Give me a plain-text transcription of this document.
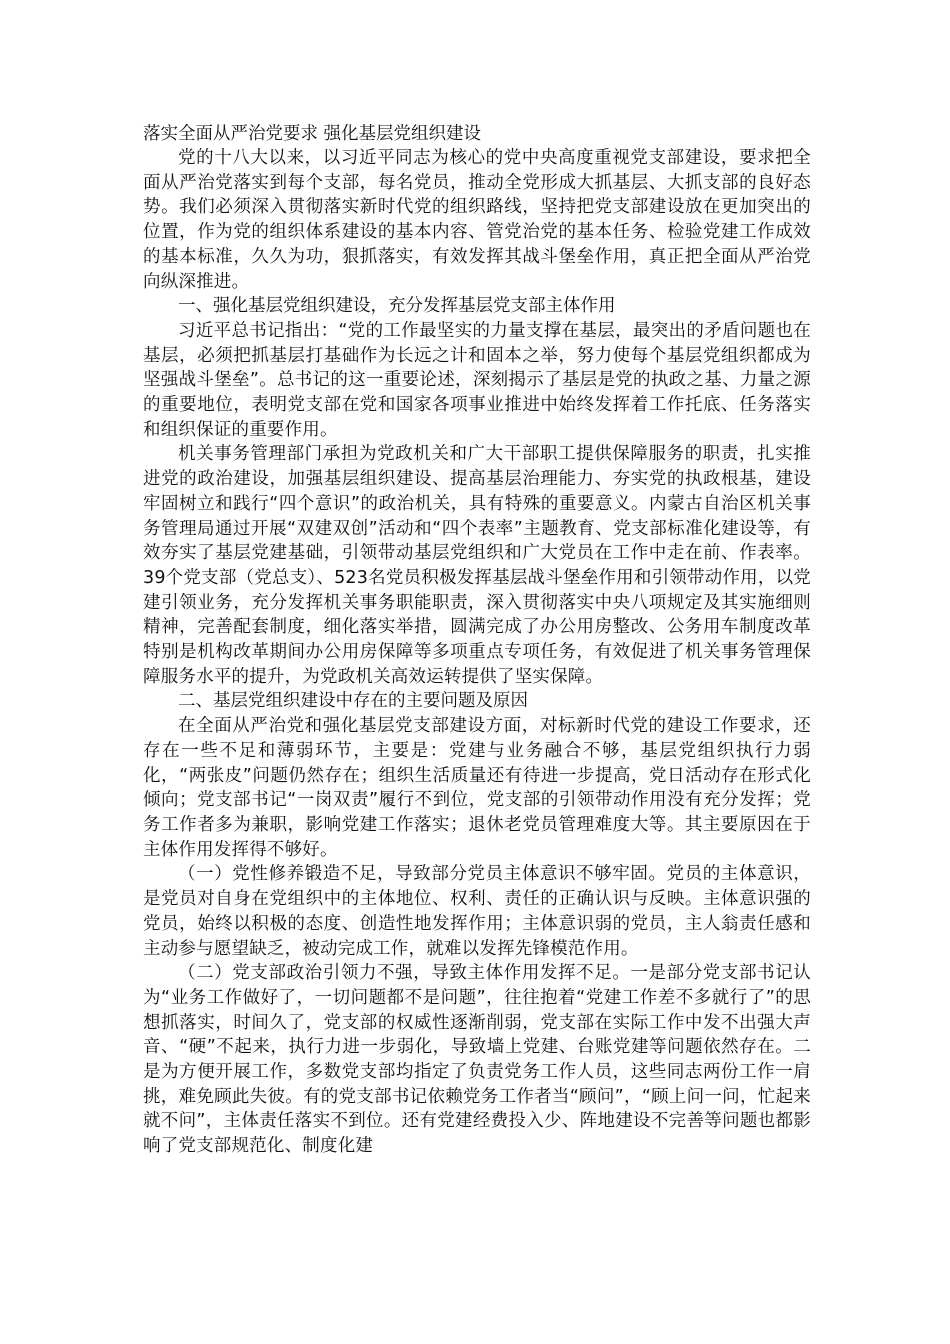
落实全面从严治党要求 强化基层党组织建设

党的十八大以来，以习近平同志为核心的党中央高度重视党支部建设，要求把全面从严治党落实到每个支部，每名党员，推动全党形成大抓基层、大抓支部的良好态势。我们必须深入贯彻落实新时代党的组织路线，坚持把党支部建设放在更加突出的位置，作为党的组织体系建设的基本内容、管党治党的基本任务、检验党建工作成效的基本标准，久久为功，狠抓落实，有效发挥其战斗堡垒作用，真正把全面从严治党向纵深推进。

一、强化基层党组织建设，充分发挥基层党支部主体作用

习近平总书记指出：“党的工作最坚实的力量支撑在基层，最突出的矛盾问题也在基层，必须把抓基层打基础作为长远之计和固本之举，努力使每个基层党组织都成为坚强战斗堡垒”。总书记的这一重要论述，深刻揭示了基层是党的执政之基、力量之源的重要地位，表明党支部在党和国家各项事业推进中始终发挥着工作托底、任务落实和组织保证的重要作用。

机关事务管理部门承担为党政机关和广大干部职工提供保障服务的职责，扎实推进党的政治建设，加强基层组织建设、提高基层治理能力、夯实党的执政根基，建设牢固树立和践行“四个意识”的政治机关，具有特殊的重要意义。内蒙古自治区机关事务管理局通过开展“双建双创”活动和“四个表率”主题教育、党支部标准化建设等，有效夯实了基层党建基础，引领带动基层党组织和广大党员在工作中走在前、作表率。39个党支部（党总支）、523名党员积极发挥基层战斗堡垒作用和引领带动作用，以党建引领业务，充分发挥机关事务职能职责，深入贯彻落实中央八项规定及其实施细则精神，完善配套制度，细化落实举措，圆满完成了办公用房整改、公务用车制度改革特别是机构改革期间办公用房保障等多项重点专项任务，有效促进了机关事务管理保障服务水平的提升，为党政机关高效运转提供了坚实保障。

二、基层党组织建设中存在的主要问题及原因

在全面从严治党和强化基层党支部建设方面，对标新时代党的建设工作要求，还存在一些不足和薄弱环节，主要是：党建与业务融合不够，基层党组织执行力弱化，“两张皮”问题仍然存在；组织生活质量还有待进一步提高，党日活动存在形式化倾向；党支部书记“一岗双责”履行不到位，党支部的引领带动作用没有充分发挥；党务工作者多为兼职，影响党建工作落实；退休老党员管理难度大等。其主要原因在于主体作用发挥得不够好。

（一）党性修养锻造不足，导致部分党员主体意识不够牢固。党员的主体意识，是党员对自身在党组织中的主体地位、权利、责任的正确认识与反映。主体意识强的党员，始终以积极的态度、创造性地发挥作用；主体意识弱的党员，主人翁责任感和主动参与愿望缺乏，被动完成工作，就难以发挥先锋模范作用。

（二）党支部政治引领力不强，导致主体作用发挥不足。一是部分党支部书记认为“业务工作做好了，一切问题都不是问题”，往往抱着“党建工作差不多就行了”的思想抓落实，时间久了，党支部的权威性逐渐削弱，党支部在实际工作中发不出强大声音、“硬”不起来，执行力进一步弱化，导致墙上党建、台账党建等问题依然存在。二是为方便开展工作，多数党支部均指定了负责党务工作人员，这些同志两份工作一肩挑，难免顾此失彼。有的党支部书记依赖党务工作者当“顾问”，“顾上问一问，忙起来就不问”，主体责任落实不到位。还有党建经费投入少、阵地建设不完善等问题也都影响了党支部规范化、制度化建
